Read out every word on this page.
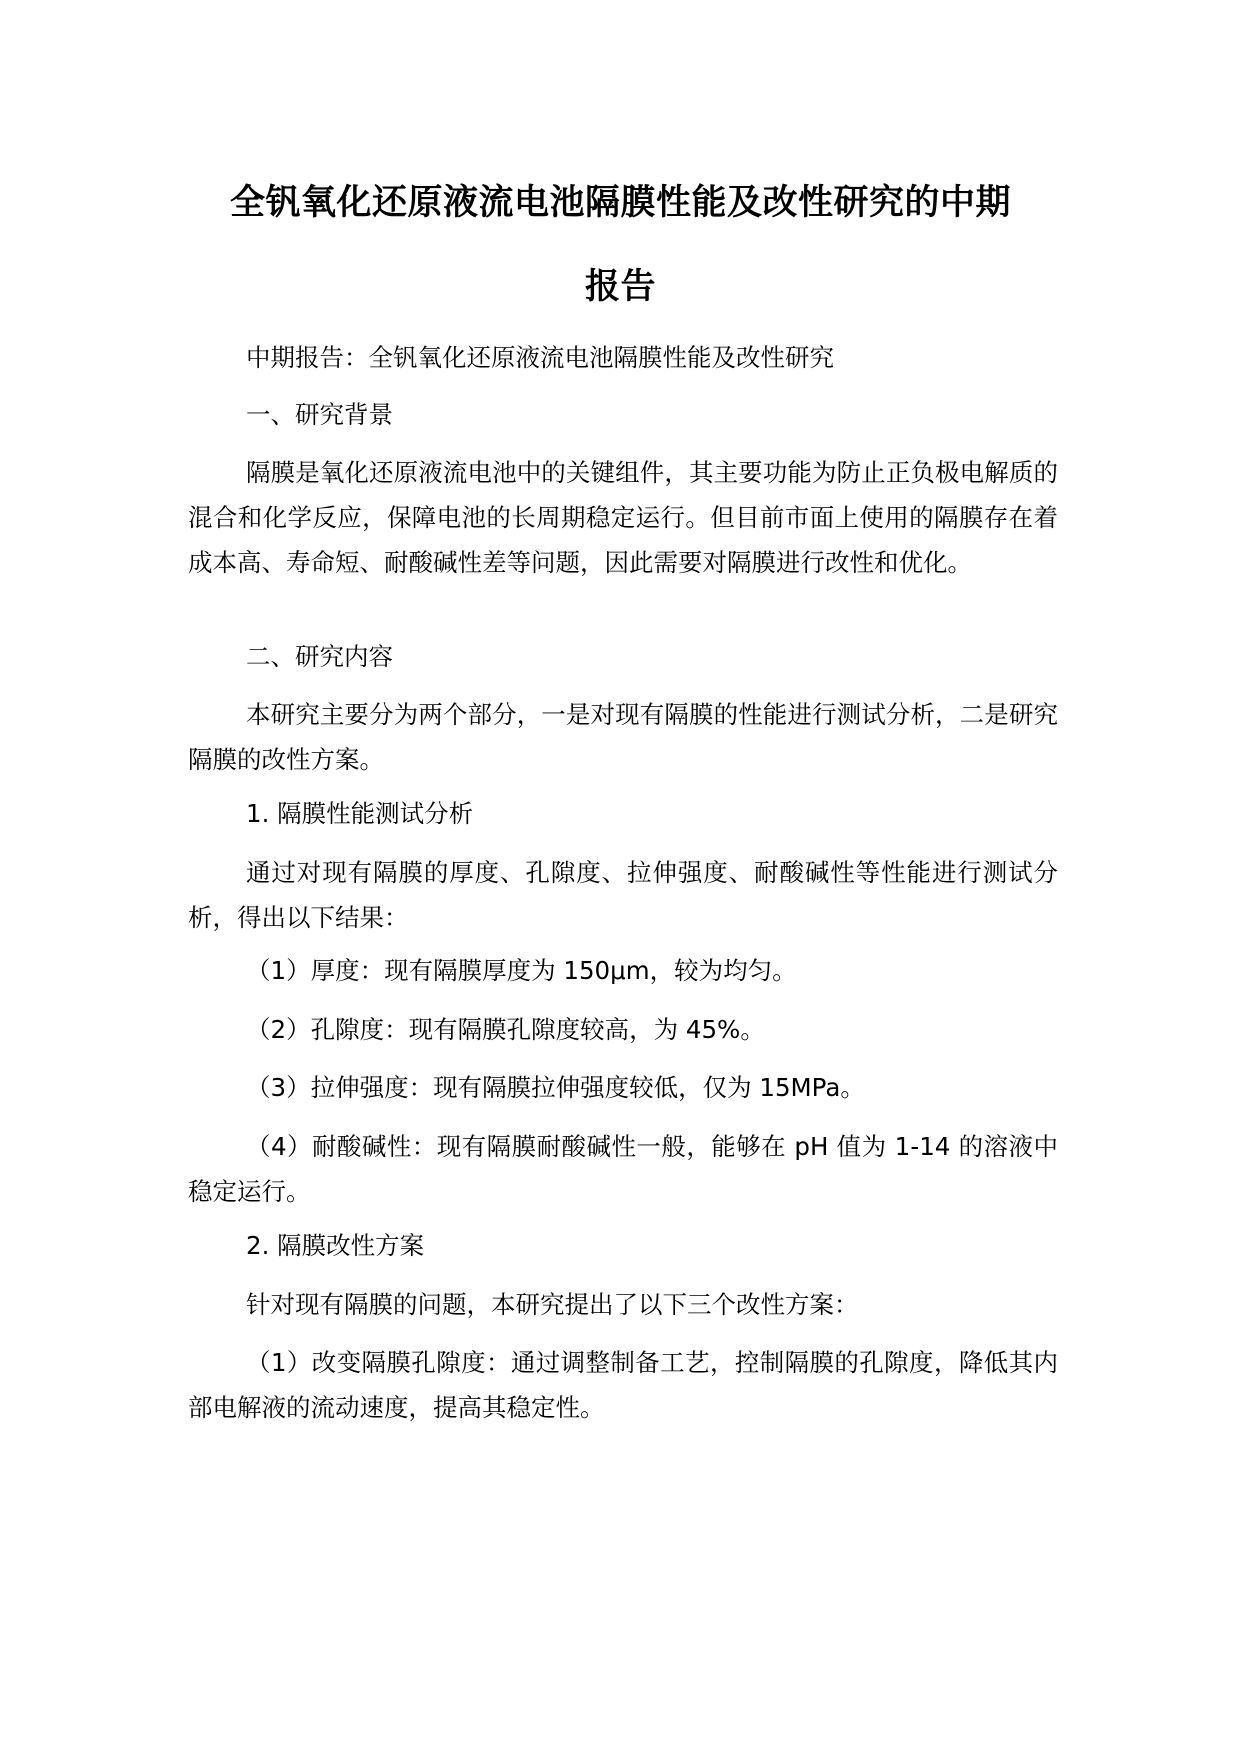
全钒氧化还原液流电池隔膜性能及改性研究的中期
报告

中期报告：全钒氧化还原液流电池隔膜性能及改性研究

一、研究背景

隔膜是氧化还原液流电池中的关键组件，其主要功能为防止正负极电解质的混合和化学反应，保障电池的长周期稳定运行。但目前市面上使用的隔膜存在着成本高、寿命短、耐酸碱性差等问题，因此需要对隔膜进行改性和优化。

二、研究内容

本研究主要分为两个部分，一是对现有隔膜的性能进行测试分析，二是研究隔膜的改性方案。

1. 隔膜性能测试分析

通过对现有隔膜的厚度、孔隙度、拉伸强度、耐酸碱性等性能进行测试分析，得出以下结果：

（1）厚度：现有隔膜厚度为 150μm，较为均匀。

（2）孔隙度：现有隔膜孔隙度较高，为 45%。

（3）拉伸强度：现有隔膜拉伸强度较低，仅为 15MPa。

（4）耐酸碱性：现有隔膜耐酸碱性一般，能够在 pH 值为 1-14 的溶液中稳定运行。

2. 隔膜改性方案

针对现有隔膜的问题，本研究提出了以下三个改性方案：

（1）改变隔膜孔隙度：通过调整制备工艺，控制隔膜的孔隙度，降低其内部电解液的流动速度，提高其稳定性。
